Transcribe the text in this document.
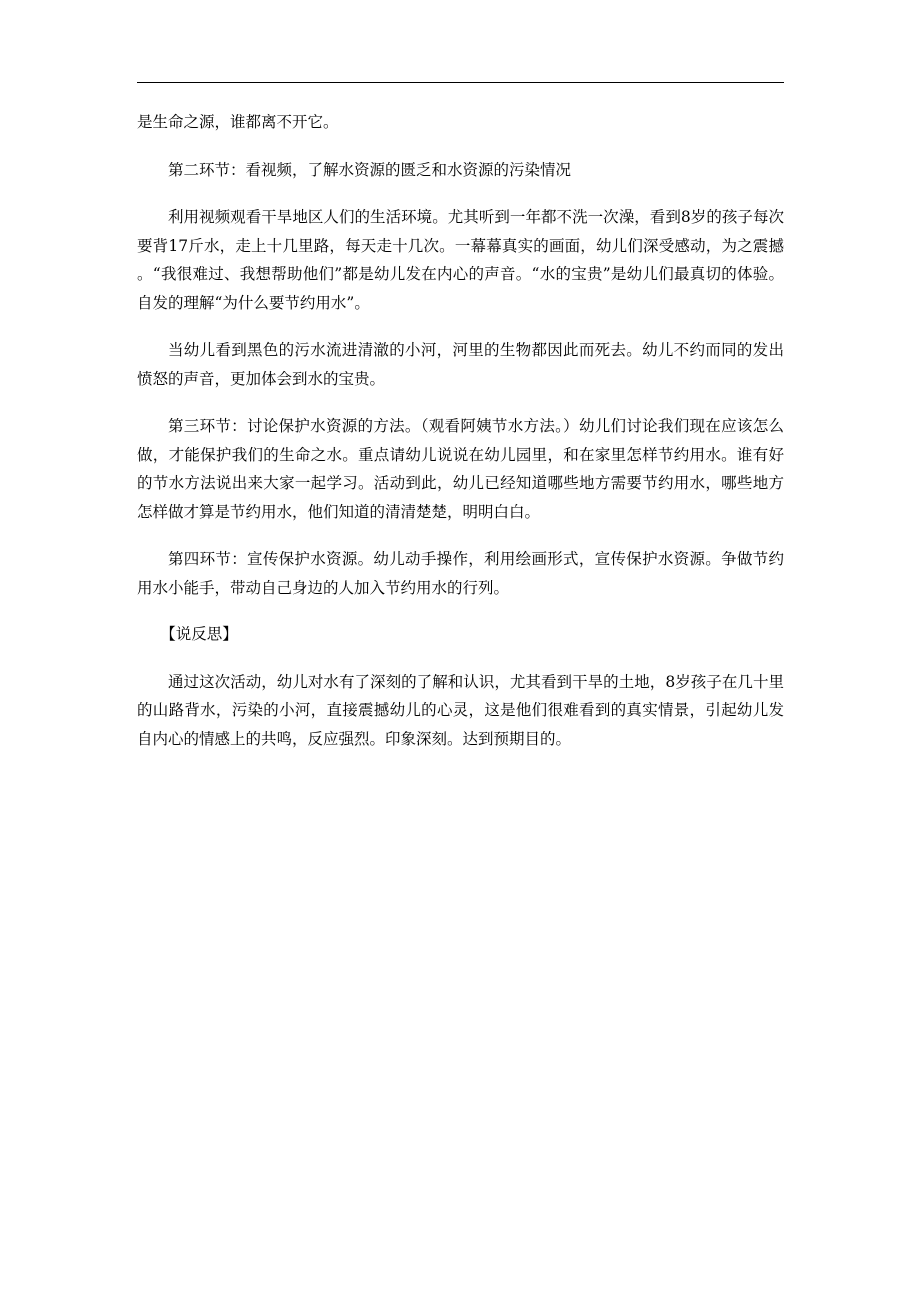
是生命之源，谁都离不开它。

第二环节：看视频，了解水资源的匮乏和水资源的污染情况

利用视频观看干旱地区人们的生活环境。尤其听到一年都不洗一次澡，看到8岁的孩子每次要背17斤水，走上十几里路，每天走十几次。一幕幕真实的画面，幼儿们深受感动，为之震撼。“我很难过、我想帮助他们”都是幼儿发在内心的声音。“水的宝贵”是幼儿们最真切的体验。自发的理解“为什么要节约用水”。

当幼儿看到黑色的污水流进清澈的小河，河里的生物都因此而死去。幼儿不约而同的发出愤怒的声音，更加体会到水的宝贵。

第三环节：讨论保护水资源的方法。（观看阿姨节水方法。）幼儿们讨论我们现在应该怎么做，才能保护我们的生命之水。重点请幼儿说说在幼儿园里，和在家里怎样节约用水。谁有好的节水方法说出来大家一起学习。活动到此，幼儿已经知道哪些地方需要节约用水，哪些地方怎样做才算是节约用水，他们知道的清清楚楚，明明白白。

第四环节：宣传保护水资源。幼儿动手操作，利用绘画形式，宣传保护水资源。争做节约用水小能手，带动自己身边的人加入节约用水的行列。

【说反思】

通过这次活动，幼儿对水有了深刻的了解和认识，尤其看到干旱的土地，8岁孩子在几十里的山路背水，污染的小河，直接震撼幼儿的心灵，这是他们很难看到的真实情景，引起幼儿发自内心的情感上的共鸣，反应强烈。印象深刻。达到预期目的。
